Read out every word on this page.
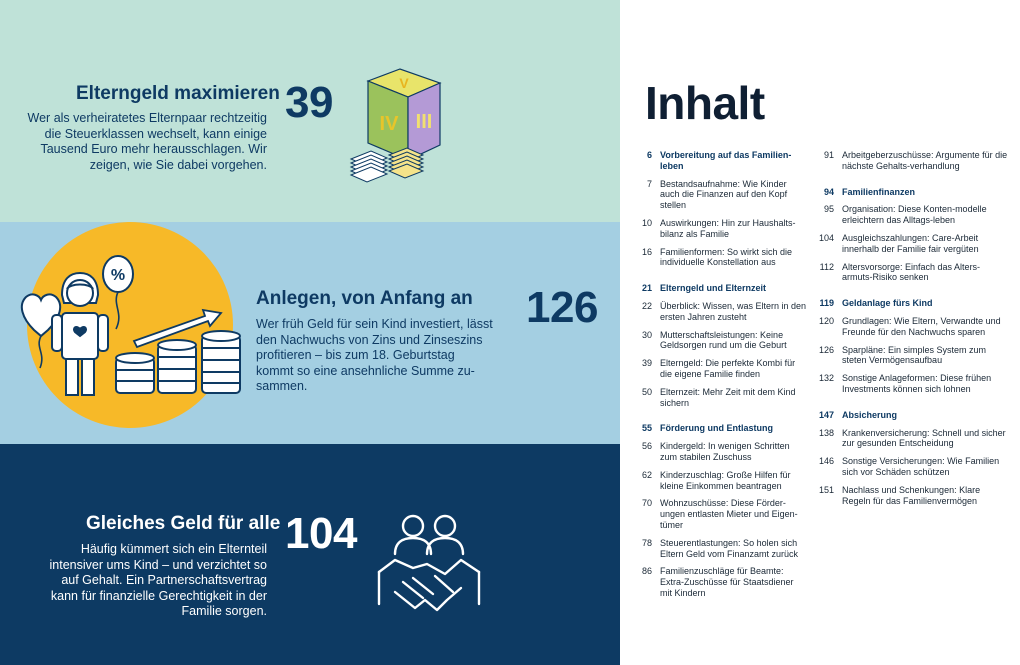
Elterngeld maximieren
Wer als verheiratetes Elternpaar rechtzeitig
die Steuerklassen wechselt, kann einige
Tausend Euro mehr herausschlagen. Wir
zeigen, wie Sie dabei vorgehen.
39	V
IV III
%
Anlegen, von Anfang an
Wer früh Geld für sein Kind investiert, lässt
den Nachwuchs von Zins und Zinseszins
profitieren – bis zum 18. Geburtstag
kommt so eine ansehnliche Summe zu-
sammen.
126
Gleiches Geld für alle
Häufig kümmert sich ein Elternteil
intensiver ums Kind – und verzichtet so
auf Gehalt. Ein Partnerschaftsvertrag
kann für finanzielle Gerechtigkeit in der
Familie sorgen.
104
Inhalt
6 Vorbereitung auf das Familien-leben
7 Bestandsaufnahme: Wie Kinder auch die Finanzen auf den Kopf stellen
10 Auswirkungen: Hin zur Haushalts-bilanz als Familie
16 Familienformen: So wirkt sich die individuelle Konstellation aus
21 Elterngeld und Elternzeit
22 Überblick: Wissen, was Eltern in den ersten Jahren zusteht
30 Mutterschaftsleistungen: Keine Geldsorgen rund um die Geburt
39 Elterngeld: Die perfekte Kombi für die eigene Familie finden
50 Elternzeit: Mehr Zeit mit dem Kind sichern
55 Förderung und Entlastung
56 Kindergeld: In wenigen Schritten zum stabilen Zuschuss
62 Kinderzuschlag: Große Hilfen für kleine Einkommen beantragen
70 Wohnzuschüsse: Diese Förder-ungen entlasten Mieter und Eigen-tümer
78 Steuerentlastungen: So holen sich Eltern Geld vom Finanzamt zurück
86 Familienzuschläge für Beamte: Extra-Zuschüsse für Staatsdiener mit Kindern
91 Arbeitgeberzuschüsse: Argumente für die nächste Gehalts-verhandlung
94 Familienfinanzen
95 Organisation: Diese Konten-modelle erleichtern das Alltags-leben
104 Ausgleichszahlungen: Care-Arbeit innerhalb der Familie fair vergüten
112 Altersvorsorge: Einfach das Alters-armuts-Risiko senken
119 Geldanlage fürs Kind
120 Grundlagen: Wie Eltern, Verwandte und Freunde für den Nachwuchs sparen
126 Sparpläne: Ein simples System zum steten Vermögensaufbau
132 Sonstige Anlageformen: Diese frühen Investments können sich lohnen
147 Absicherung
138 Krankenversicherung: Schnell und sicher zur gesunden Entscheidung
146 Sonstige Versicherungen: Wie Familien sich vor Schäden schützen
151 Nachlass und Schenkungen: Klare Regeln für das Familienvermögen
